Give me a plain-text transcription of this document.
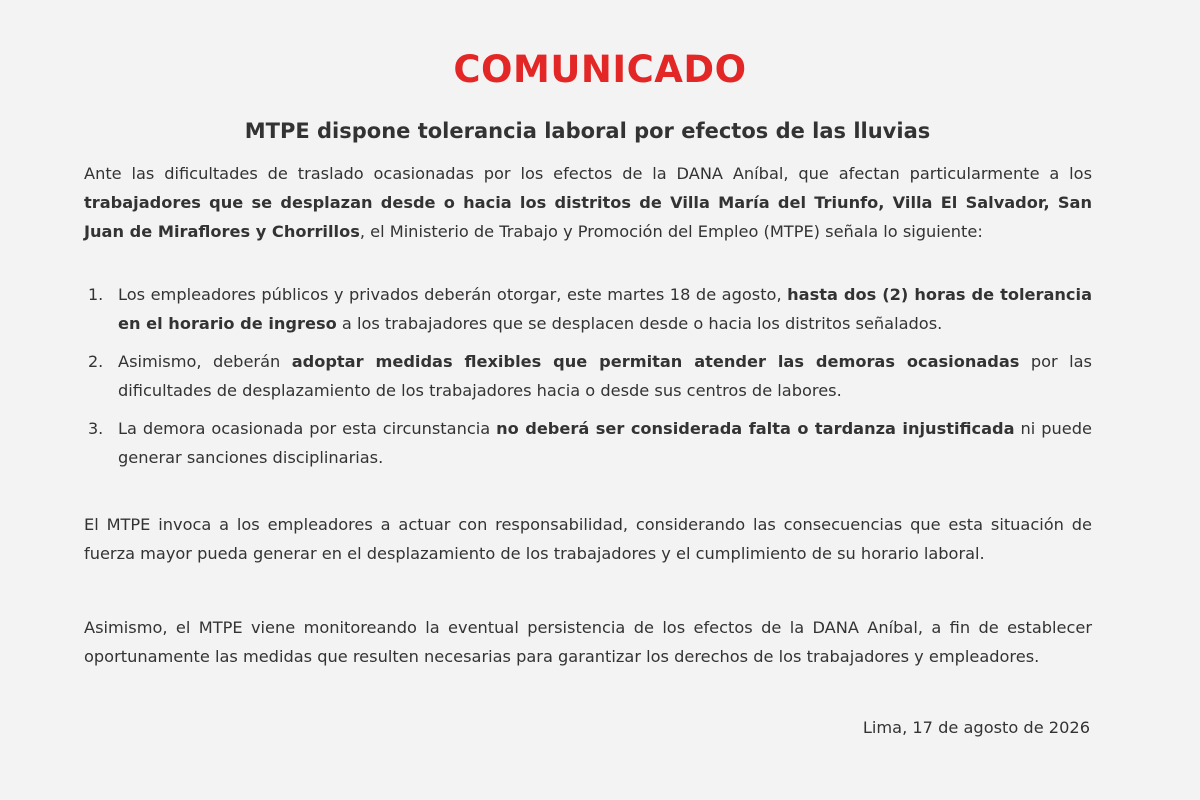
COMUNICADO
MTPE dispone tolerancia laboral por efectos de las lluvias
Ante las dificultades de traslado ocasionadas por los efectos de la DANA Aníbal, que afectan particularmente a los trabajadores que se desplazan desde o hacia los distritos de Villa María del Triunfo, Villa El Salvador, San Juan de Miraflores y Chorrillos, el Ministerio de Trabajo y Promoción del Empleo (MTPE) señala lo siguiente:
1. Los empleadores públicos y privados deberán otorgar, este martes 18 de agosto, hasta dos (2) horas de tolerancia en el horario de ingreso a los trabajadores que se desplacen desde o hacia los distritos señalados.
2. Asimismo, deberán adoptar medidas flexibles que permitan atender las demoras ocasionadas por las dificultades de desplazamiento de los trabajadores hacia o desde sus centros de labores.
3. La demora ocasionada por esta circunstancia no deberá ser considerada falta o tardanza injustificada ni puede generar sanciones disciplinarias.
El MTPE invoca a los empleadores a actuar con responsabilidad, considerando las consecuencias que esta situación de fuerza mayor pueda generar en el desplazamiento de los trabajadores y el cumplimiento de su horario laboral.
Asimismo, el MTPE viene monitoreando la eventual persistencia de los efectos de la DANA Aníbal, a fin de establecer oportunamente las medidas que resulten necesarias para garantizar los derechos de los trabajadores y empleadores.
Lima, 17 de agosto de 2026
